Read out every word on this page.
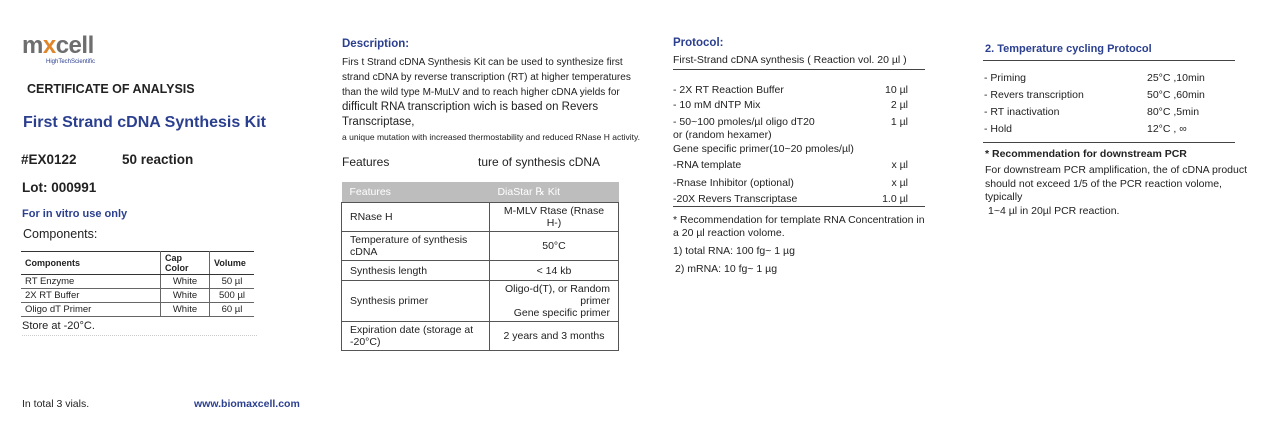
mxcell
HighTechScientific
CERTIFICATE OF ANALYSIS
First Strand cDNA Synthesis Kit
#EX0122	50 reaction
Lot: 000991
For in vitro use only
Components:
Components	Cap Color	Volume
RT Enzyme	White	50 µl
2X RT Buffer	White	500 µl
Oligo dT Primer	White	60 µl
Store at -20°C.
In total 3 vials.	www.biomaxcell.com
Description:
Firs t Strand cDNA Synthesis Kit can be used to synthesize first
strand cDNA by reverse transcription (RT) at higher temperatures
than the wild type M-MuLV and to reach higher cDNA yields for
difficult RNA transcription wich is based on Revers Transcriptase,
a unique mutation with increased thermostability and reduced RNase H activity.
Features	ture of synthesis cDNA
Features	DiaStar ℞ Kit
RNase H	M-MLV Rtase (Rnase H-)
Temperature of synthesis cDNA	50°C
Synthesis length	< 14 kb
Synthesis primer	Oligo-d(T), or Random primer
Gene specific primer

Expiration date (storage at -20°C)	2 years and 3 months
Protocol:
First-Strand cDNA synthesis ( Reaction vol. 20 µl )
- 2X RT Reaction Buffer	10 µl
- 10 mM dNTP Mix	2 µl
- 50~100 pmoles/µl oligo dT20	1 µl
or (random hexamer)
Gene specific primer(10~20 pmoles/µl)
-RNA template	x µl
-Rnase Inhibitor (optional)	x µl
-20X Revers Transcriptase	1.0 µl
* Recommendation for template RNA Concentration in a 20 µl reaction volome.
1) total RNA: 100 fg~ 1 µg
2) mRNA: 10 fg~ 1 µg
2. Temperature cycling Protocol
- Priming	25°C ,10min
- Revers transcription	50°C ,60min
- RT inactivation	80°C ,5min
- Hold	12°C , ∞
* Recommendation for downstream PCR
For downstream PCR amplification, the of cDNA product
should not exceed 1/5 of the PCR reaction volome, typically
1~4 µl in 20µl PCR reaction.
